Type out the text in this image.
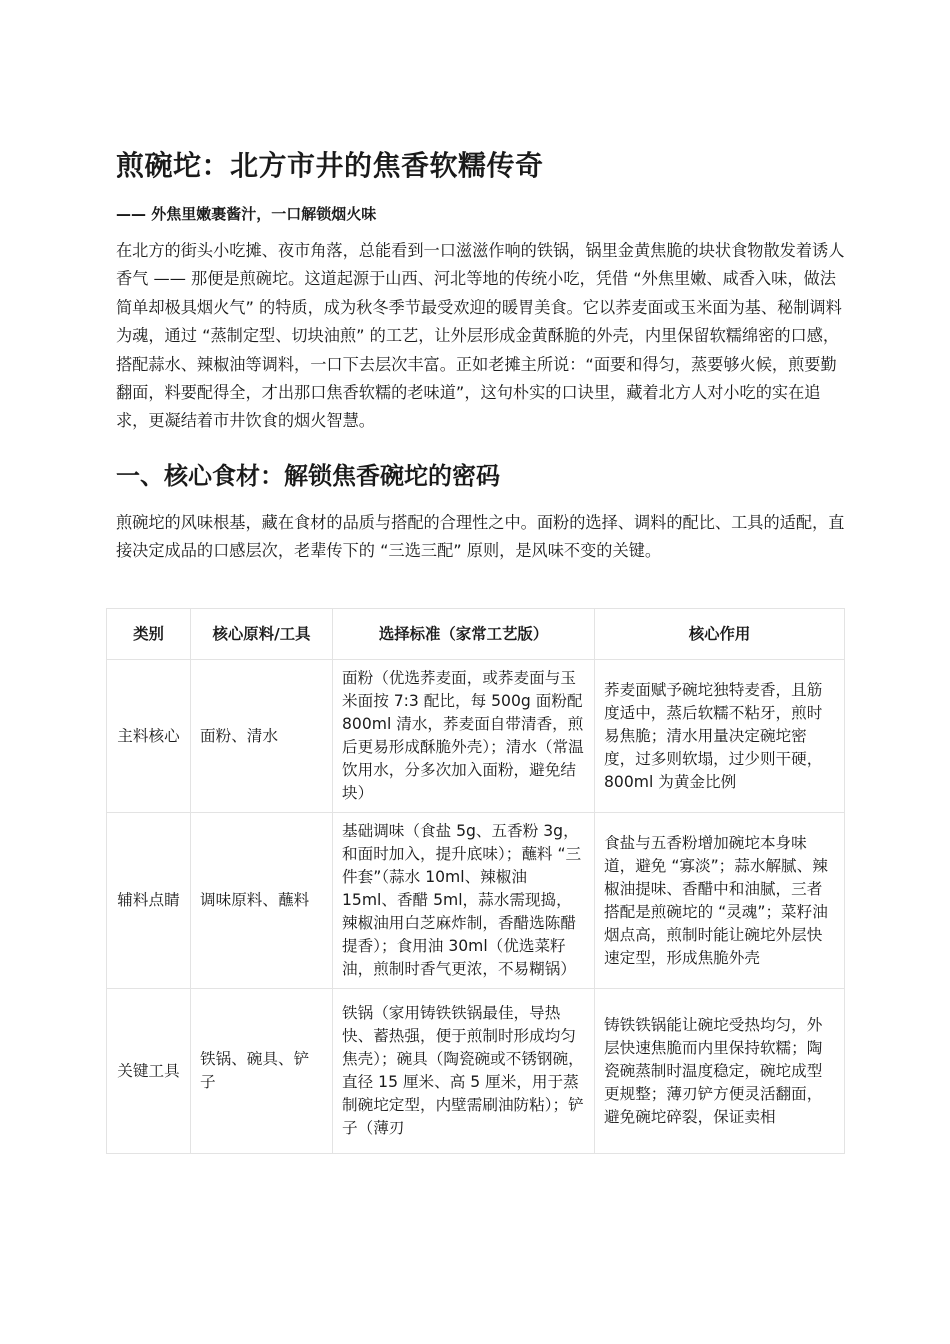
煎碗坨：北方市井的焦香软糯传奇

—— 外焦里嫩裹酱汁，一口解锁烟火味

在北方的街头小吃摊、夜市角落，总能看到一口滋滋作响的铁锅，锅里金黄焦脆的块状食物散发着诱人香气 —— 那便是煎碗坨。这道起源于山西、河北等地的传统小吃，凭借 “外焦里嫩、咸香入味，做法简单却极具烟火气” 的特质，成为秋冬季节最受欢迎的暖胃美食。它以荞麦面或玉米面为基、秘制调料为魂，通过 “蒸制定型、切块油煎” 的工艺，让外层形成金黄酥脆的外壳，内里保留软糯绵密的口感，搭配蒜水、辣椒油等调料，一口下去层次丰富。正如老摊主所说：“面要和得匀，蒸要够火候，煎要勤翻面，料要配得全，才出那口焦香软糯的老味道”，这句朴实的口诀里，藏着北方人对小吃的实在追求，更凝结着市井饮食的烟火智慧。

一、核心食材：解锁焦香碗坨的密码

煎碗坨的风味根基，藏在食材的品质与搭配的合理性之中。面粉的选择、调料的配比、工具的适配，直接决定成品的口感层次，老辈传下的 “三选三配” 原则，是风味不变的关键。

类别	核心原料/工具	选择标准（家常工艺版）	核心作用
主料核心	面粉、清水	面粉（优选荞麦面，或荞麦面与玉米面按 7:3 配比，每 500g 面粉配 800ml 清水，荞麦面自带清香，煎后更易形成酥脆外壳）；清水（常温饮用水，分多次加入面粉，避免结块）	荞麦面赋予碗坨独特麦香，且筋度适中，蒸后软糯不粘牙，煎时易焦脆；清水用量决定碗坨密度，过多则软塌，过少则干硬，800ml 为黄金比例
辅料点睛	调味原料、蘸料	基础调味（食盐 5g、五香粉 3g，和面时加入，提升底味）；蘸料 “三件套”（蒜水 10ml、辣椒油 15ml、香醋 5ml，蒜水需现捣，辣椒油用白芝麻炸制，香醋选陈醋提香）；食用油 30ml（优选菜籽油，煎制时香气更浓，不易糊锅）	食盐与五香粉增加碗坨本身味道，避免 “寡淡”；蒜水解腻、辣椒油提味、香醋中和油腻，三者搭配是煎碗坨的 “灵魂”；菜籽油烟点高，煎制时能让碗坨外层快速定型，形成焦脆外壳
关键工具	铁锅、碗具、铲子	铁锅（家用铸铁铁锅最佳，导热快、蓄热强，便于煎制时形成均匀焦壳）；碗具（陶瓷碗或不锈钢碗，直径 15 厘米、高 5 厘米，用于蒸制碗坨定型，内壁需刷油防粘）；铲子（薄刃	铸铁铁锅能让碗坨受热均匀，外层快速焦脆而内里保持软糯；陶瓷碗蒸制时温度稳定，碗坨成型更规整；薄刃铲方便灵活翻面，避免碗坨碎裂，保证卖相
